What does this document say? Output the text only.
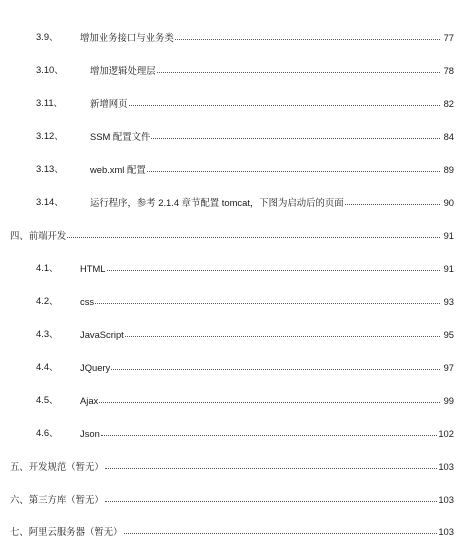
3.9、 增加业务接口与业务类	77
3.10、	增加逻辑处理层	78
3.11、	新增网页	82
3.12、	SSM 配置文件	84
3.13、	web.xml 配置	89
3.14、	运行程序，参考 2.1.4 章节配置 tomcat，下图为启动后的页面	90
四、前端开发	91
4.1、 HTML	91
4.2、 css	93
4.3、 JavaScript	95
4.4、 JQuery	97
4.5、 Ajax	99
4.6、 Json	102
五、开发规范（暂无）	103
六、第三方库（暂无）	103
七、阿里云服务器（暂无）	103
